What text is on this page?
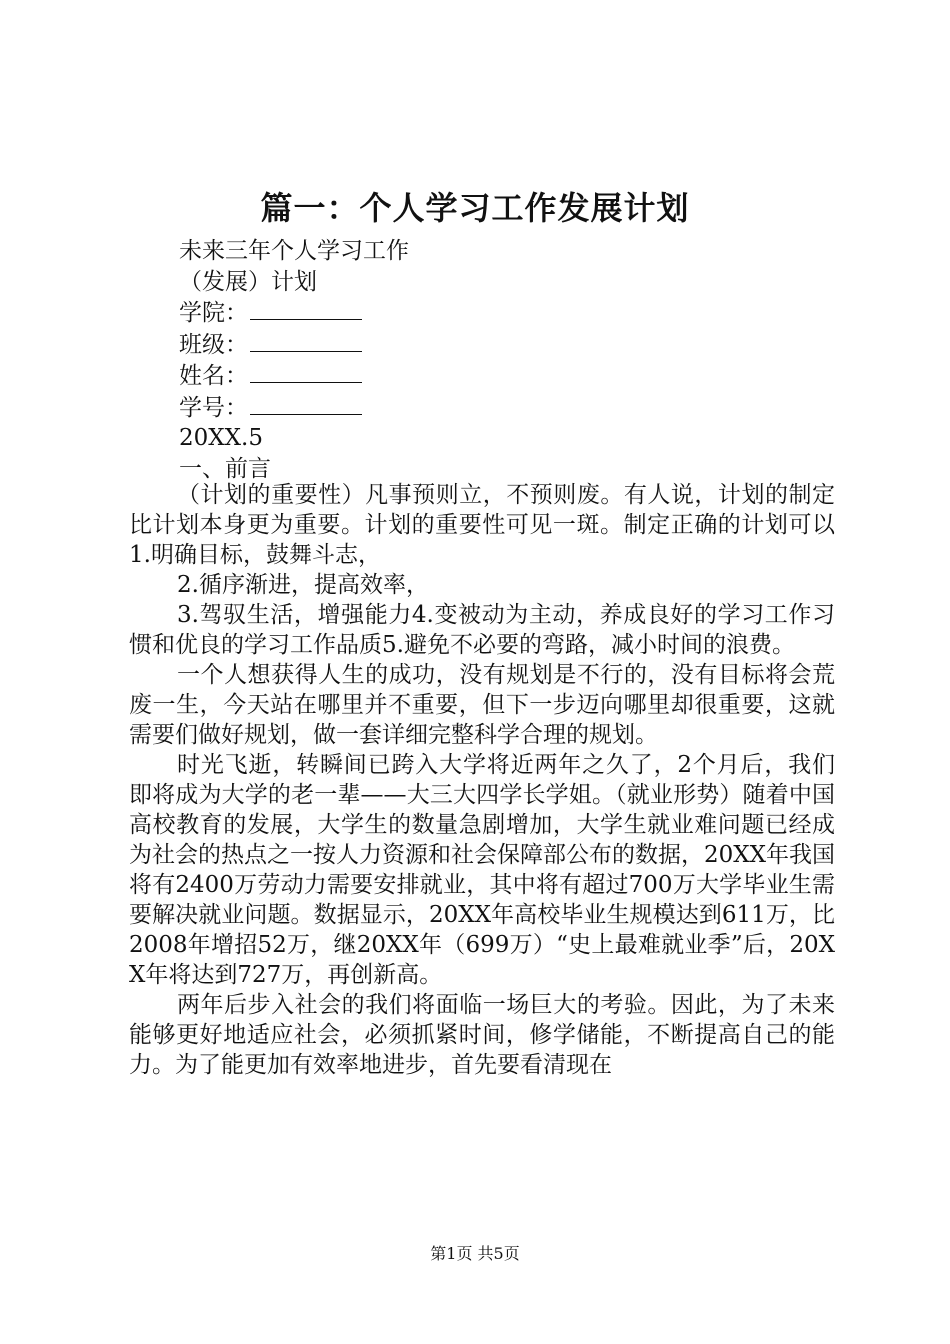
篇一：个人学习工作发展计划
未来三年个人学习工作
（发展）计划
学院：
班级：
姓名：
学号：
20XX.5
一、前言

（计划的重要性）凡事预则立，不预则废。有人说，计划的制定比计划本身更为重要。计划的重要性可见一斑。制定正确的计划可以1.明确目标，鼓舞斗志，

2.循序渐进，提高效率，

3.驾驭生活，增强能力4.变被动为主动，养成良好的学习工作习惯和优良的学习工作品质5.避免不必要的弯路，减小时间的浪费。

一个人想获得人生的成功，没有规划是不行的，没有目标将会荒废一生，今天站在哪里并不重要，但下一步迈向哪里却很重要，这就需要们做好规划，做一套详细完整科学合理的规划。

时光飞逝，转瞬间已跨入大学将近两年之久了，2个月后，我们即将成为大学的老一辈——大三大四学长学姐。（就业形势）随着中国高校教育的发展，大学生的数量急剧增加，大学生就业难问题已经成为社会的热点之一按人力资源和社会保障部公布的数据，20XX年我国将有2400万劳动力需要安排就业，其中将有超过700万大学毕业生需要解决就业问题。数据显示，20XX年高校毕业生规模达到611万，比2008年增招52万，继20XX年（699万）“史上最难就业季”后，20XX年将达到727万，再创新高。

两年后步入社会的我们将面临一场巨大的考验。因此，为了未来能够更好地适应社会，必须抓紧时间，修学储能，不断提高自己的能力。为了能更加有效率地进步，首先要看清现在

第1页 共5页
